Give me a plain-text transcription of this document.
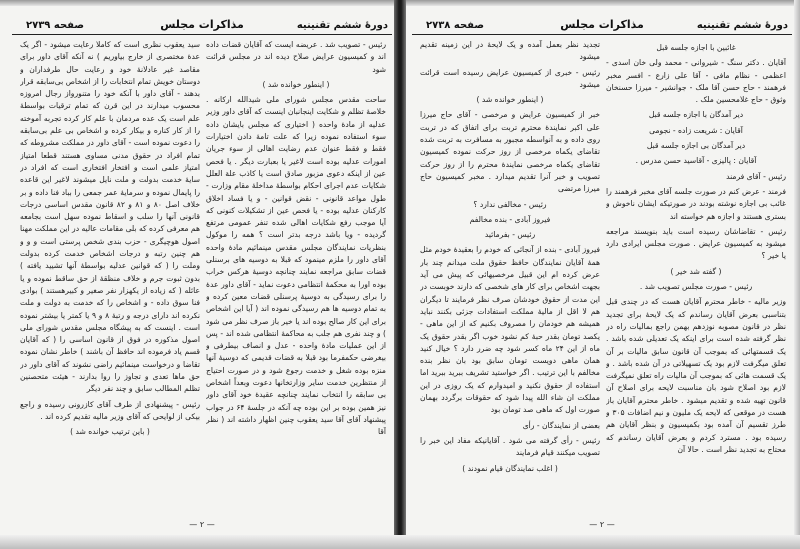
دورهٔ ششم تقنینیه
مذاکرات مجلس
صفحه ۲۷۳۹

رئیس - تصویب شد . عریضه ایست که آقایان قضات داده اند و کمیسیون عرایض صلاح دیده اند در مجلس قرائت شود

( اینطور خوانده شد )

ساحت مقدس مجلس شورای ملی شیدالله ارکانه . خلاصهٔ تظلم و شکایت اینجانبان اینست که آقای داور وزیر عدلیه از مادهٔ واحده ( اختیاری که مجلس بایشان داده سوء استفاده نموده زیرا که علت تامهٔ دادن اختیارات فقط و فقط عنوان عدم رضایت اهالی از سوء جریان امورات عدلیه بوده است لاغیر یا بعبارت دیگر . یا فحص عین از اینکه دعوی مزبور صادق است یا کاذب علة العلل شکایات عدم اجرای احکام بواسطهٔ مداخلهٔ مقام وزارت - طول مواعد قانونی - نقض قوانین - و یا فساد اخلاق کارکنان عدلیه بوده - یا فحص عین از تشکیلات کنونی که آیا موجب رفع شکایات اهالی شده تنفر عمومی مرتفع گردیده - ویا باشد درجه بدتر است ؟ همه را موکول بنظریات نمایندگان مجلس مقدس مینمائیم مادهٔ واحده آقای داور را ملزم مینمود که قبلا به دوسیه های برسنلی قضات سابق مراجعه نمایند چنانچه دوسیهٔ هرکس خراب بوده اورا به محکمهٔ انتظامی دعوت نماید - آقای داور عدهٔ را برای رسیدگی به دوسیهٔ پرسنلی قضات معین کرده و به تمام دوسیه ها هم رسیدگی نموده اند ( آیا این اشخاص برای این کار صالح بوده اند یا خیر باز صرف نظر می شود ) و چند نفری هم جلب به محاکمهٔ انتظامی شده اند - پس از این عملیات مادهٔ واحده - عدل و انصاف بیطرفی و بیغرضی حکمفرما بود قبلا به قضات قدیمی که دوسیهٔ آنها منزه بوده شغل و خدمت رجوع شود و در صورت احتیاج از منتظرین خدمت سایر وزارتخانها دعوت وبعداً اشخاص بی سابقه را انتخاب نمایند چنانچه عقیدهٔ خود آقای داور نیز همین بوده بر این بوده چه آنکه در جلسهٔ ۶۴ در جواب پیشنهاد آقای آقا سید یعقوب چنین اظهار داشته اند ( نظر آقا

سید یعقوب نظری است که کاملا رعایت میشود - اگر یک عدهٔ مختصری از خارج بیاوریم ) نه آنکه آقای داور برای مقاصد غیر عادلانهٔ خود و رعایت حال طرفداران و دوستان خویش تمام انتخابات را از اشخاص بی‌سابقه قرار بدهند - آقای داور با آنکه خود را متنورواز رجال امروزه محسوب میدارند در این قرن که تمام ترقیات بواسطهٔ علم است یک عده مردمان با علم کار کرده تجربه آموخته را از کار کناره و بیکار کرده و اشخاص بی علم بی‌سابقه را دعوت نموده است - آقای داور در مملکت مشروطه که تمام افراد در حقوق مدنی مساوی هستند قطعا امتیاز امتیاز علمی است و افتخار افتخاری است که افراد در سایهٔ خدمت بدولت و ملت نایل میشوند لاغیر این قاعده را پایمال نموده و سرمایهٔ عمر جمعی را بباد فنا داده و بر خلاف اصل ۸۰ و ۸۱ و ۸۲ قانون مقدس اساسی درجات قانونی آنها را سلب و اسقاط نموده سهل است بجامعه هم معرفی کرده که بلی مقامات عالیه در این مملکت مهنا اصول هوچیگری - حزب بندی شخص پرستی است و و و هم چنین رتبه و درجات اشخاص خدمت کرده بدولت وملت را ( که قوانین عدلیه بواسطهٔ آنها تشیید یافته ) بدون ثبوت جرم و خلاف منظقهٔ از حق ساقط نموده و یا عائله ( که زیاده از یکهزار نفر صغیر و کبیرهستند ) بوادی فنا سوق داده - و اشخاص را که خدمت به دولت و ملت نکرده اند دارای درجه و رتبهٔ ۸ و ۹ یا کمتر یا بیشتر نموده است . اینست که به پیشگاه مجلس مقدس شورای ملی اصول مذکوره در فوق از قانون اساسی را ( که آقایان قسم یاد فرموده اند حافظ آن باشند ) خاطر نشان نموده تقاضا و درخواست مینمائیم راضی نشوند که آقای داور در حق ماها تعدی و تجاوز را روا بدارند - هیئت متحصنین تظلم المطالب سابق و چند نفر دیگر

رئیس - پیشنهادی از طرف آقای کازرونی رسیده و راجع بیکی از لوایحی که آقای وزیر مالیه تقدیم کرده اند .

( باین ترتیب خوانده شد )

— ۲ —
دورهٔ ششم تقنینیه
مذاکرات مجلس
صفحه ۲۷۳۸

غائبین با اجازه جلسه قبل

آقایان . دکتر سنگ - شیروانی - محمد ولی خان اسدی - اعظمی - نظام مافی - آقا علی زارع - افسر مخبر فرهمند - حاج حسن آقا ملک - جوانشیر - میرزا حسنخان وثوق - حاج غلامحسین ملک .

دیر آمدگان با اجازه جلسه قبل

آقایان : شریعت زاده - نجومی

دیر آمدگان بی اجازه جلسه قبل

آقایان : پالیزی - آقاسید حسن مدرس .

رئیس - آقای فرمند

فرمند - عرض کنم در صورت جلسه آقای مخبر فرهمند را غائب بی اجازه نوشته بودند در صورتیکه ایشان ناخوش و بستری هستند و اجازه هم خواسته اند

رئیس - تقاضاشان رسیده است باید بنویسند مراجعه میشود به کمیسیون عرایض . صورت مجلس ایرادی دارد یا خیر ؟

( گفته شد خیر )

رئیس - صورت مجلس تصویب شد .

وزیر مالیه - خاطر محترم آقایان هست که در چندی قبل بتناسبی بعرض آقایان رساندم که یک لایحهٔ برای تجدید نظر در قانون مصوبه نوزدهم بهمن راجع بمالیات راه در نظر گرفته شده است برای اینکه یک تعدیلی شده باشد . یک قسمتهائی که بموجب آن قانون سابق مالیات بر آن تعلق میگرفت لازم بود یک تسهیلاتی در آن شده باشد . و یک قسمت هائی که بموجب آن مالیات راه تعلق نمیگرفت لازم بود اصلاح شود بان مناسبت لایحه برای اصلاح آن قانون تهیه شده و تقدیم میشود . خاطر محترم آقایان باز هست در موقعی که لایحه یک ملیون و نیم اضافات ۳۰۵ و طرز تقسیم آن آمده بود بکمیسیون و بنظر آقایان هم رسیده بود . مسترد کردم و بعرض آقایان رساندم که محتاج به تجدید نظر است . حالا آن

تجدید نظر بعمل آمده و یک لایحهٔ در این زمینه تقدیم میشود

رئیس - خبری از کمیسیون عرایض رسیده است قرائت میشود

( اینطور خوانده شد )

خبر از کمیسیون عرایض و مرخصی - آقای حاج میرزا علی اکبر نمایندهٔ محترم تربت برای اتفاق که در تربت روی داده و به آنواسطه مجبور به مسافرت به تربت شده تقاضای یکماه مرخصی از روز حرکت نموده کمیسیون تقاضای یکماه مرخصی نمایندهٔ محترم را از روز حرکت تصویب و خبر آنرا تقدیم میدارد . مخبر کمیسیون حاج میرزا مرتضی

رئیس - مخالفی ندارد ؟

فیروز آبادی - بنده مخالفم

رئیس - بفرمائید

فیروز آبادی - بنده از آنجائی که خودم را بعقیدهٔ خودم مثل همهٔ آقایان نمایندگان حافظ حقوق ملت میدانم چند بار عرض کرده ام این قبیل مرخصیهائی که پیش می آید بجهت اشخاص برای کار های شخصی که دارند خوبست در این مدت از حقوق خودشان صرف نظر فرمایند تا دیگران هم لا اقل از مالیهٔ مملکت استفادات جزئی بکنند نباید همیشه هم خودمان را مصروف بکنیم که از این ماهی - یکصد تومان بقدر حبهٔ کم نشود خوب اگر بقدر حقوق یک ماه از این ۲۴ ماه کسر شود چه ضرر دارد ؟ خیال کنید همان ماهی دویست تومان سابق بود بان نظر بنده مخالفم با این ترتیب . اگر خواستید تشریف ببرید ببرید اما استفاده از حقوق نکنید و امیدوارم که یک روزی در این مملکت ان شاء الله پیدا شود که حقوقات برگردد بهمان صورت اول که ماهی صد تومان بود

بعضی از نمایندگان - رأی

رئیس - رأی گرفته می شود . آقایانیکه مفاد این خبر را تصویب میکنند قیام فرمایند

( اغلب نمایندگان قیام نمودند )

— ۲ —
